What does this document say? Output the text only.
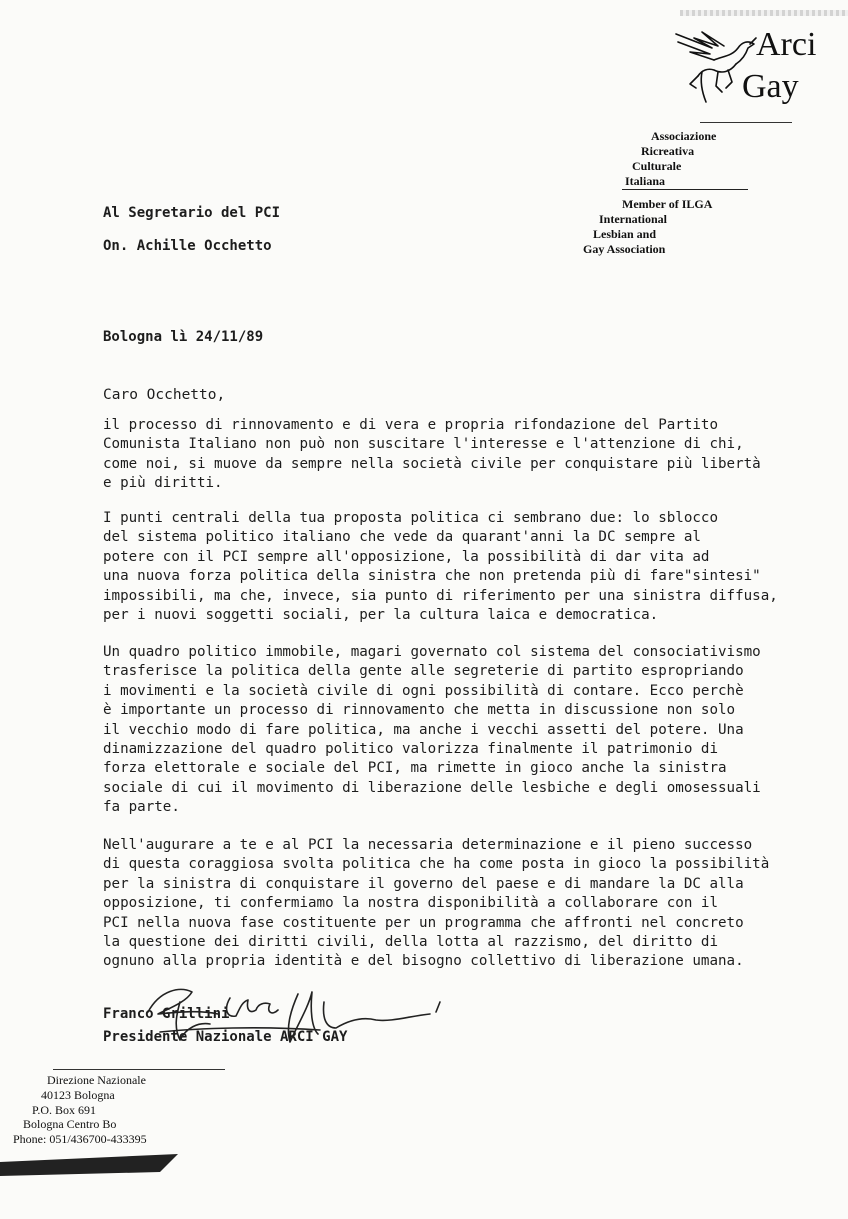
Arci
Gay
Associazione
Ricreativa
Culturale
Italiana
Member of ILGA
International
Lesbian and
Gay Association
Al Segretario del PCI
On. Achille Occhetto
Bologna lì 24/11/89
Caro Occhetto,
il processo di rinnovamento e di vera e propria rifondazione del Partito
Comunista Italiano non può non suscitare l'interesse e l'attenzione di chi,
come noi, si muove da sempre nella società civile per conquistare più libertà
e più diritti.
I punti centrali della tua proposta politica ci sembrano due: lo sblocco
del sistema politico italiano che vede da quarant'anni la DC sempre al
potere con il PCI sempre all'opposizione, la possibilità di dar vita ad
una nuova forza politica della sinistra che non pretenda più di fare"sintesi"
impossibili, ma che, invece, sia punto di riferimento per una sinistra diffusa,
per i nuovi soggetti sociali, per la cultura laica e democratica.
Un quadro politico immobile, magari governato col sistema del consociativismo
trasferisce la politica della gente alle segreterie di partito espropriando
i movimenti e la società civile di ogni possibilità di contare. Ecco perchè
è importante un processo di rinnovamento che metta in discussione non solo
il vecchio modo di fare politica, ma anche i vecchi assetti del potere. Una
dinamizzazione del quadro politico valorizza finalmente il patrimonio di
forza elettorale e sociale del PCI, ma rimette in gioco anche la sinistra
sociale di cui il movimento di liberazione delle lesbiche e degli omosessuali
fa parte.
Nell'augurare a te e al PCI la necessaria determinazione e il pieno successo
di questa coraggiosa svolta politica che ha come posta in gioco la possibilità
per la sinistra di conquistare il governo del paese e di mandare la DC alla
opposizione, ti confermiamo la nostra disponibilità a collaborare con il
PCI nella nuova fase costituente per un programma che affronti nel concreto
la questione dei diritti civili, della lotta al razzismo, del diritto di
ognuno alla propria identità e del bisogno collettivo di liberazione umana.
Franco Grillini
Presidente Nazionale ARCI GAY
Direzione Nazionale
40123 Bologna
P.O. Box 691
Bologna Centro Bo
Phone: 051/436700-433395
